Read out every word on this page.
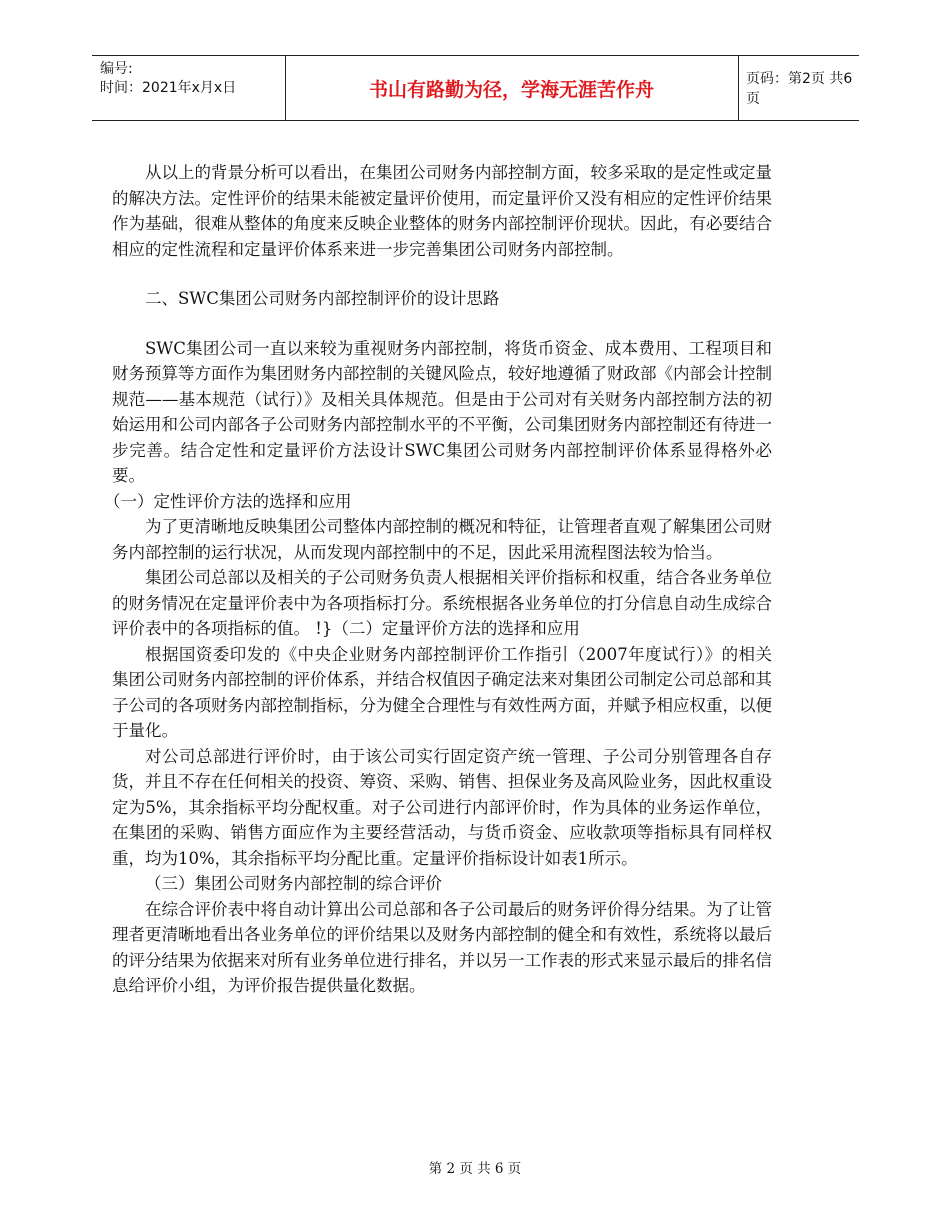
编号:
时间：2021年x月x日	书山有路勤为径，学海无涯苦作舟	页码：第2页 共6页

从以上的背景分析可以看出，在集团公司财务内部控制方面，较多采取的是定性或定量的解决方法。定性评价的结果未能被定量评价使用，而定量评价又没有相应的定性评价结果作为基础，很难从整体的角度来反映企业整体的财务内部控制评价现状。因此，有必要结合相应的定性流程和定量评价体系来进一步完善集团公司财务内部控制。

二、SWC集团公司财务内部控制评价的设计思路

SWC集团公司一直以来较为重视财务内部控制，将货币资金、成本费用、工程项目和财务预算等方面作为集团财务内部控制的关键风险点，较好地遵循了财政部《内部会计控制规范——基本规范（试行）》及相关具体规范。但是由于公司对有关财务内部控制方法的初始运用和公司内部各子公司财务内部控制水平的不平衡，公司集团财务内部控制还有待进一步完善。结合定性和定量评价方法设计SWC集团公司财务内部控制评价体系显得格外必要。

（一）定性评价方法的选择和应用

为了更清晰地反映集团公司整体内部控制的概况和特征，让管理者直观了解集团公司财务内部控制的运行状况，从而发现内部控制中的不足，因此采用流程图法较为恰当。

集团公司总部以及相关的子公司财务负责人根据相关评价指标和权重，结合各业务单位的财务情况在定量评价表中为各项指标打分。系统根据各业务单位的打分信息自动生成综合评价表中的各项指标的值。 !}（二）定量评价方法的选择和应用

根据国资委印发的《中央企业财务内部控制评价工作指引（2007年度试行）》的相关集团公司财务内部控制的评价体系，并结合权值因子确定法来对集团公司制定公司总部和其子公司的各项财务内部控制指标，分为健全合理性与有效性两方面，并赋予相应权重，以便于量化。

对公司总部进行评价时，由于该公司实行固定资产统一管理、子公司分别管理各自存货，并且不存在任何相关的投资、筹资、采购、销售、担保业务及高风险业务，因此权重设定为5%，其余指标平均分配权重。对子公司进行内部评价时，作为具体的业务运作单位，在集团的采购、销售方面应作为主要经营活动，与货币资金、应收款项等指标具有同样权重，均为10%，其余指标平均分配比重。定量评价指标设计如表1所示。

（三）集团公司财务内部控制的综合评价

在综合评价表中将自动计算出公司总部和各子公司最后的财务评价得分结果。为了让管理者更清晰地看出各业务单位的评价结果以及财务内部控制的健全和有效性，系统将以最后的评分结果为依据来对所有业务单位进行排名，并以另一工作表的形式来显示最后的排名信息给评价小组，为评价报告提供量化数据。

第 2 页 共 6 页
